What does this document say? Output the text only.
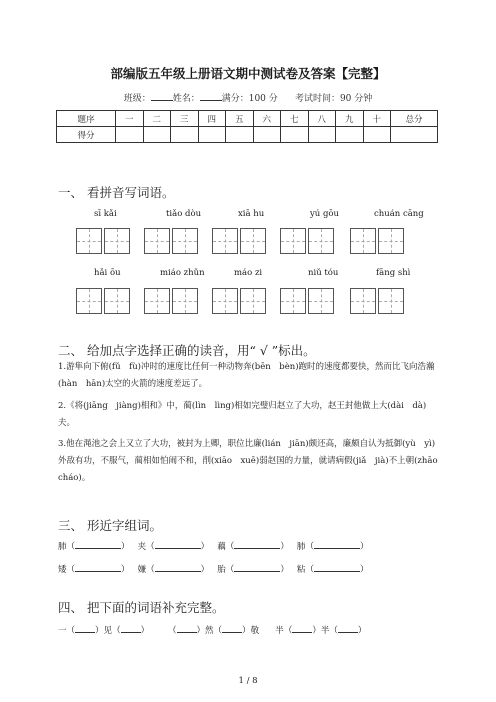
部编版五年级上册语文期中测试卷及答案【完整】
班级： 姓名： 满分：100 分 考试时间：90 分钟
题序	一	二	三	四	五	六	七	八	九	十	总分
得分											
一、 看拼音写词语。
sī kǎi	tiǎo dòu	xiā hu	yú gōu	chuán cāng
hǎi ōu	miáo zhǔn	máo zi	niǔ tóu	fāng shì
二、 给加点字选择正确的读音，用“ √ ”标出。
1.游隼向下俯(fǔ　fù)冲时的速度比任何一种动物奔(bēn　bèn)跑时的速度都要快，然而比飞向浩瀚(hàn　hān)太空的火箭的速度差远了。
2.《将(jiāng　jiàng)相和》中，蔺(lìn　lìng)相如完璧归赵立了大功，赵王封他做上大(dài　dà)夫。
3.他在渑池之会上又立了大功，被封为上卿，职位比廉(lián　jiān)颇还高，廉颇自认为抵御(yù　yì)外敌有功，不服气，蔺相如怕闹不和，削(xiāo　xuē)弱赵国的力量，就请病假(jiǎ　jià)不上朝(zhāo　cháo)。
三、 形近字组词。
肺（	）   夹（	）   藕（	）   肺（	）
矮（	）   嫌（	）   胎（	）   粘（	）
四、 把下面的词语补充完整。
一（ ）见（ ）       （ ）然（ ）敬 半（ ）半（ ）
1 / 8
